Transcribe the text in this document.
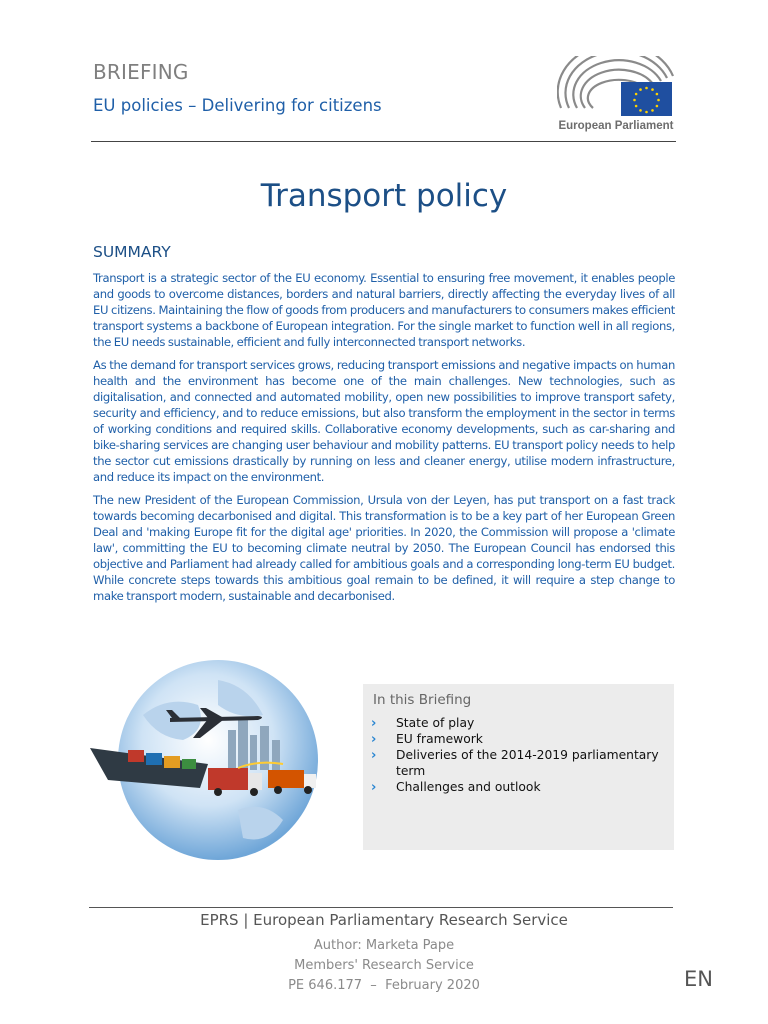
BRIEFING
EU policies – Delivering for citizens
European Parliament
Transport policy
SUMMARY

Transport is a strategic sector of the EU economy. Essential to ensuring free movement, it enables people and goods to overcome distances, borders and natural barriers, directly affecting the everyday lives of all EU citizens. Maintaining the flow of goods from producers and manufacturers to consumers makes efficient transport systems a backbone of European integration. For the single market to function well in all regions, the EU needs sustainable, efficient and fully interconnected transport networks.

As the demand for transport services grows, reducing transport emissions and negative impacts on human health and the environment has become one of the main challenges. New technologies, such as digitalisation, and connected and automated mobility, open new possibilities to improve transport safety, security and efficiency, and to reduce emissions, but also transform the employment in the sector in terms of working conditions and required skills. Collaborative economy developments, such as car-sharing and bike-sharing services are changing user behaviour and mobility patterns. EU transport policy needs to help the sector cut emissions drastically by running on less and cleaner energy, utilise modern infrastructure, and reduce its impact on the environment.

The new President of the European Commission, Ursula von der Leyen, has put transport on a fast track towards becoming decarbonised and digital. This transformation is to be a key part of her European Green Deal and 'making Europe fit for the digital age' priorities. In 2020, the Commission will propose a 'climate law', committing the EU to becoming climate neutral by 2050. The European Council has endorsed this objective and Parliament had already called for ambitious goals and a corresponding long-term EU budget. While concrete steps towards this ambitious goal remain to be defined, it will require a step change to make transport modern, sustainable and decarbonised.

In this Briefing
› State of play
› EU framework
› Deliveries of the 2014-2019 parliamentary term
› Challenges and outlook
EPRS | European Parliamentary Research Service
Author: Marketa Pape
Members' Research Service
PE 646.177  –  February 2020	EN
